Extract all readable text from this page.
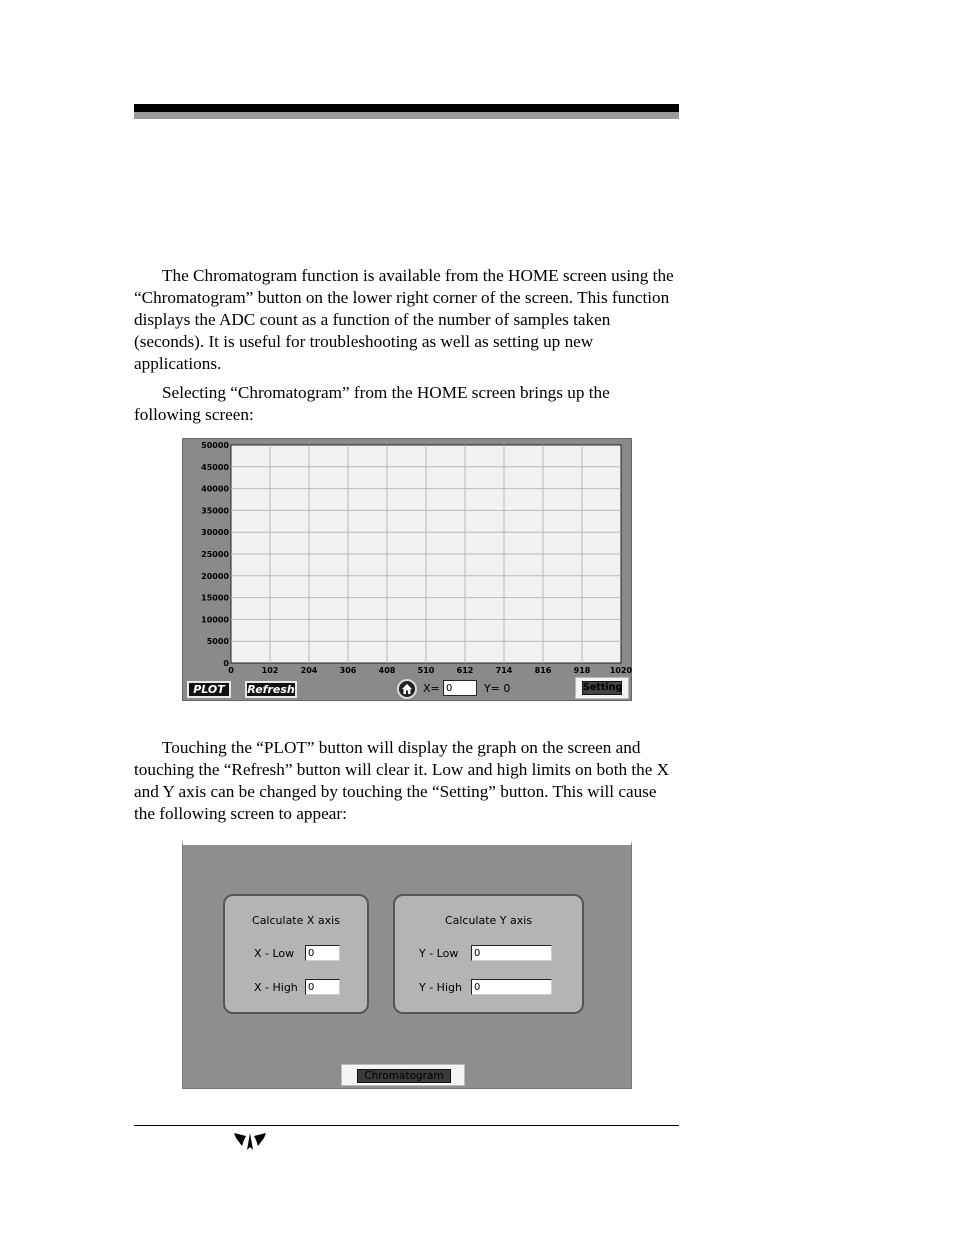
The Chromatogram function is available from the HOME screen using the “Chromatogram” button on the lower right corner of the screen. This function displays the ADC count as a function of the number of samples taken (seconds). It is useful for troubleshooting as well as setting up new applications.

Selecting “Chromatogram” from the HOME screen brings up the following screen:

0	102	204	306	408	510	612	714	816	918 1020
0
5000
10000
15000
20000
25000
30000
35000
40000
45000
50000
PLOT	Refresh	X=
0	Y= 0	Setting

Touching the “PLOT” button will display the graph on the screen and touching the “Refresh” button will clear it. Low and high limits on both the X and Y axis can be changed by touching the “Setting” button. This will cause the following screen to appear:

Calculate X axis
X - Low
0
X - High
0
Calculate Y axis
Y - Low
0
Y - High
0
Chromatogram
